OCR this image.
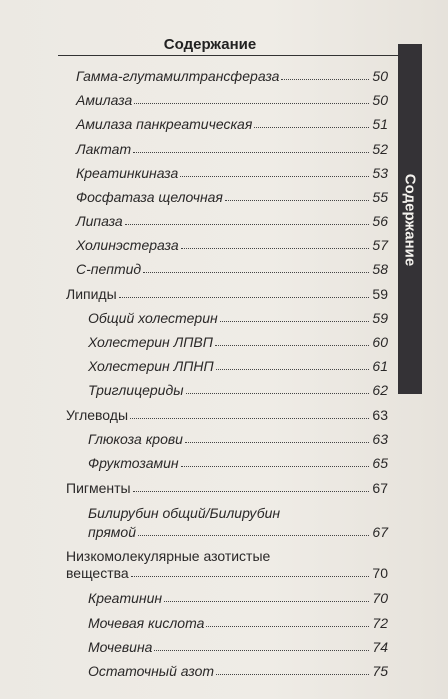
Содержание
Содержание
Гамма-глутамилтрансфераза	50
Амилаза	50
Амилаза панкреатическая	51
Лактат	52
Креатинкиназа	53
Фосфатаза щелочная	55
Липаза	56
Холинэстераза	57
С-пептид	58
Липиды	59
Общий холестерин	59
Холестерин ЛПВП	60
Холестерин ЛПНП	61
Триглицериды	62
Углеводы	63
Глюкоза крови	63
Фруктозамин	65
Пигменты	67
Билирубин общий/Билирубин
прямой	67
Низкомолекулярные азотистые
вещества	70
Креатинин	70
Мочевая кислота	72
Мочевина	74
Остаточный азот	75
